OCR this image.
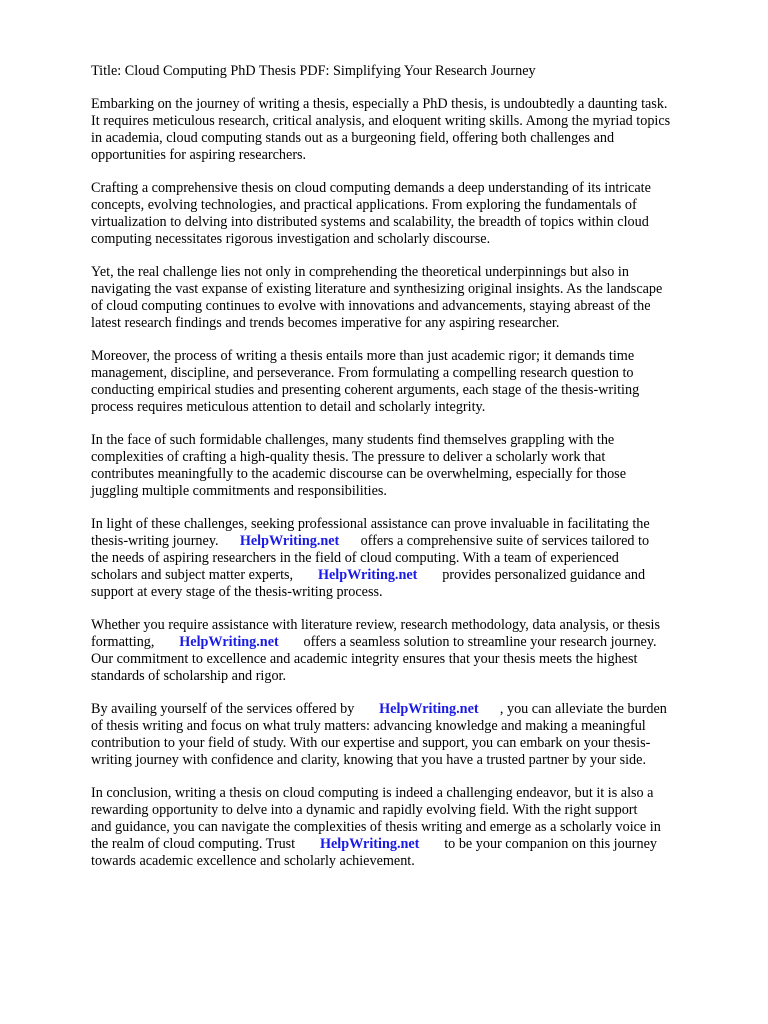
Title: Cloud Computing PhD Thesis PDF: Simplifying Your Research Journey
Embarking on the journey of writing a thesis, especially a PhD thesis, is undoubtedly a daunting task.
It requires meticulous research, critical analysis, and eloquent writing skills. Among the myriad topics
in academia, cloud computing stands out as a burgeoning field, offering both challenges and
opportunities for aspiring researchers.
Crafting a comprehensive thesis on cloud computing demands a deep understanding of its intricate
concepts, evolving technologies, and practical applications. From exploring the fundamentals of
virtualization to delving into distributed systems and scalability, the breadth of topics within cloud
computing necessitates rigorous investigation and scholarly discourse.
Yet, the real challenge lies not only in comprehending the theoretical underpinnings but also in
navigating the vast expanse of existing literature and synthesizing original insights. As the landscape
of cloud computing continues to evolve with innovations and advancements, staying abreast of the
latest research findings and trends becomes imperative for any aspiring researcher.
Moreover, the process of writing a thesis entails more than just academic rigor; it demands time
management, discipline, and perseverance. From formulating a compelling research question to
conducting empirical studies and presenting coherent arguments, each stage of the thesis-writing
process requires meticulous attention to detail and scholarly integrity.
In the face of such formidable challenges, many students find themselves grappling with the
complexities of crafting a high-quality thesis. The pressure to deliver a scholarly work that
contributes meaningfully to the academic discourse can be overwhelming, especially for those
juggling multiple commitments and responsibilities.
In light of these challenges, seeking professional assistance can prove invaluable in facilitating the
thesis-writing journey. HelpWriting.net      offers a comprehensive suite of services tailored to
the needs of aspiring researchers in the field of cloud computing. With a team of experienced
scholars and subject matter experts, HelpWriting.net       provides personalized guidance and
support at every stage of the thesis-writing process.
Whether you require assistance with literature review, research methodology, data analysis, or thesis
formatting, HelpWriting.net       offers a seamless solution to streamline your research journey.
Our commitment to excellence and academic integrity ensures that your thesis meets the highest
standards of scholarship and rigor.
By availing yourself of the services offered by HelpWriting.net      , you can alleviate the burden
of thesis writing and focus on what truly matters: advancing knowledge and making a meaningful
contribution to your field of study. With our expertise and support, you can embark on your thesis-
writing journey with confidence and clarity, knowing that you have a trusted partner by your side.
In conclusion, writing a thesis on cloud computing is indeed a challenging endeavor, but it is also a
rewarding opportunity to delve into a dynamic and rapidly evolving field. With the right support
and guidance, you can navigate the complexities of thesis writing and emerge as a scholarly voice in
the realm of cloud computing. Trust HelpWriting.net       to be your companion on this journey
towards academic excellence and scholarly achievement.
